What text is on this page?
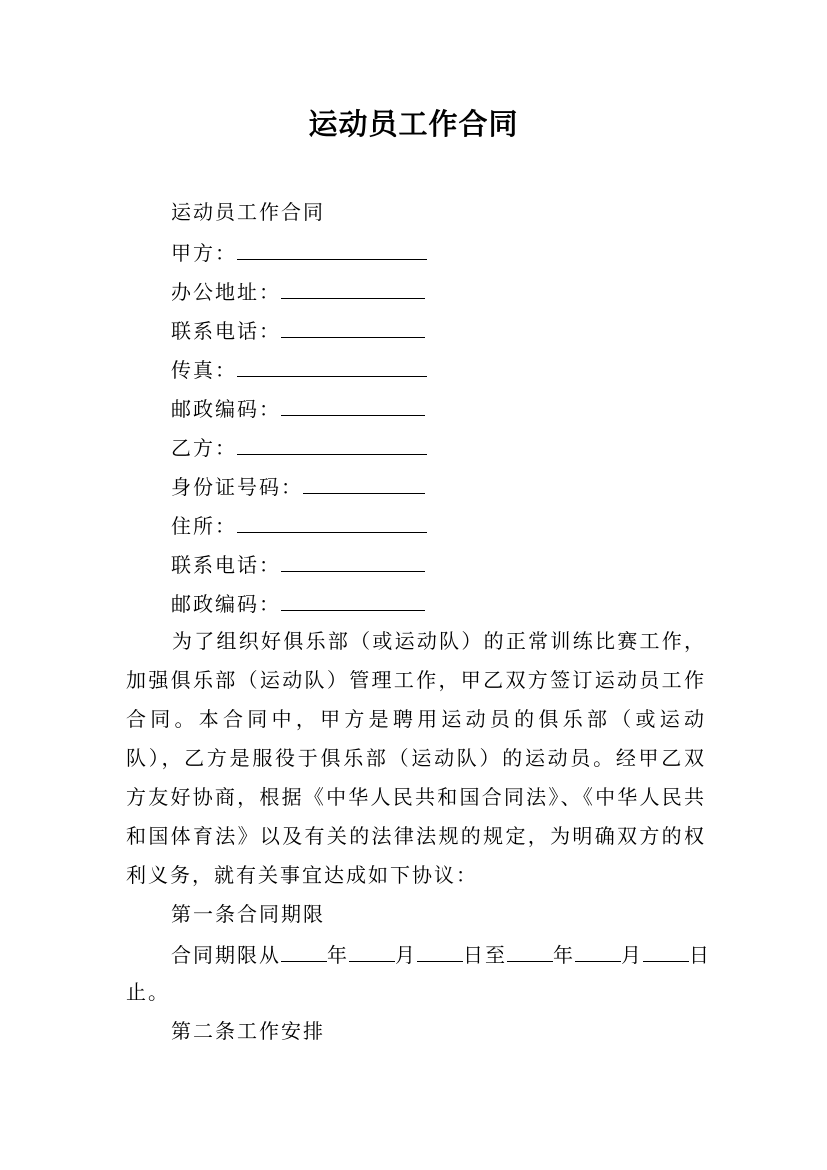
运动员工作合同
运动员工作合同
甲方：
办公地址：
联系电话：
传真：
邮政编码：
乙方：
身份证号码：
住所：
联系电话：
邮政编码：

为了组织好俱乐部（或运动队）的正常训练比赛工作，加强俱乐部（运动队）管理工作，甲乙双方签订运动员工作合同。本合同中，甲方是聘用运动员的俱乐部（或运动队），乙方是服役于俱乐部（运动队）的运动员。经甲乙双方友好协商，根据《中华人民共和国合同法》、《中华人民共和国体育法》以及有关的法律法规的规定，为明确双方的权利义务，就有关事宜达成如下协议：

第一条合同期限
合同期限从 年 月 日至 年 月 日
止。
第二条工作安排
